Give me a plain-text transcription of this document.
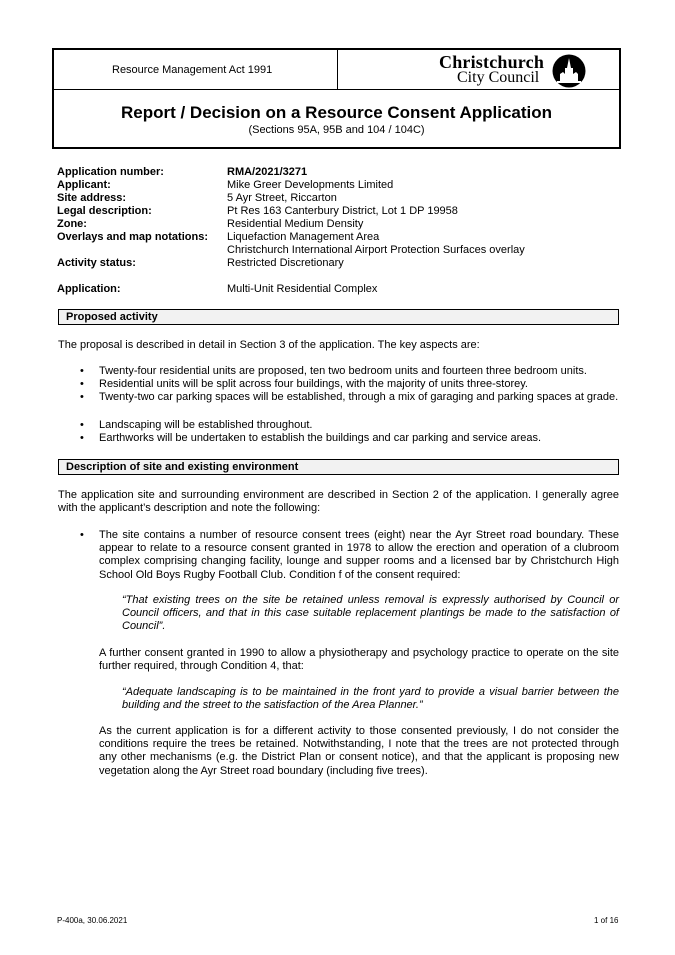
Resource Management Act 1991	Christchurch
City Council
Report / Decision on a Resource Consent Application
(Sections 95A, 95B and 104 / 104C)
Application number:	RMA/2021/3271
Applicant:	Mike Greer Developments Limited
Site address:	5 Ayr Street, Riccarton
Legal description:	Pt Res 163 Canterbury District, Lot 1 DP 19958
Zone:	Residential Medium Density
Overlays and map notations: Liquefaction Management Area
Christchurch International Airport Protection Surfaces overlay
Activity status:	Restricted Discretionary
Application:	Multi-Unit Residential Complex
Proposed activity
The proposal is described in detail in Section 3 of the application. The key aspects are:
• Twenty-four residential units are proposed, ten two bedroom units and fourteen three bedroom units.
• Residential units will be split across four buildings, with the majority of units three-storey.
• Twenty-two car parking spaces will be established, through a mix of garaging and parking spaces at grade.
• Landscaping will be established throughout.
• Earthworks will be undertaken to establish the buildings and car parking and service areas.
Description of site and existing environment
The application site and surrounding environment are described in Section 2 of the application. I generally agree with the applicant’s description and note the following:
• The site contains a number of resource consent trees (eight) near the Ayr Street road boundary. These appear to relate to a resource consent granted in 1978 to allow the erection and operation of a clubroom complex comprising changing facility, lounge and supper rooms and a licensed bar by Christchurch High School Old Boys Rugby Football Club. Condition f of the consent required:
“That existing trees on the site be retained unless removal is expressly authorised by Council or Council officers, and that in this case suitable replacement plantings be made to the satisfaction of Council”.
A further consent granted in 1990 to allow a physiotherapy and psychology practice to operate on the site further required, through Condition 4, that:
“Adequate landscaping is to be maintained in the front yard to provide a visual barrier between the building and the street to the satisfaction of the Area Planner.”
As the current application is for a different activity to those consented previously, I do not consider the conditions require the trees be retained. Notwithstanding, I note that the trees are not protected through any other mechanisms (e.g. the District Plan or consent notice), and that the applicant is proposing new vegetation along the Ayr Street road boundary (including five trees).
P-400a, 30.06.2021	1 of 16
